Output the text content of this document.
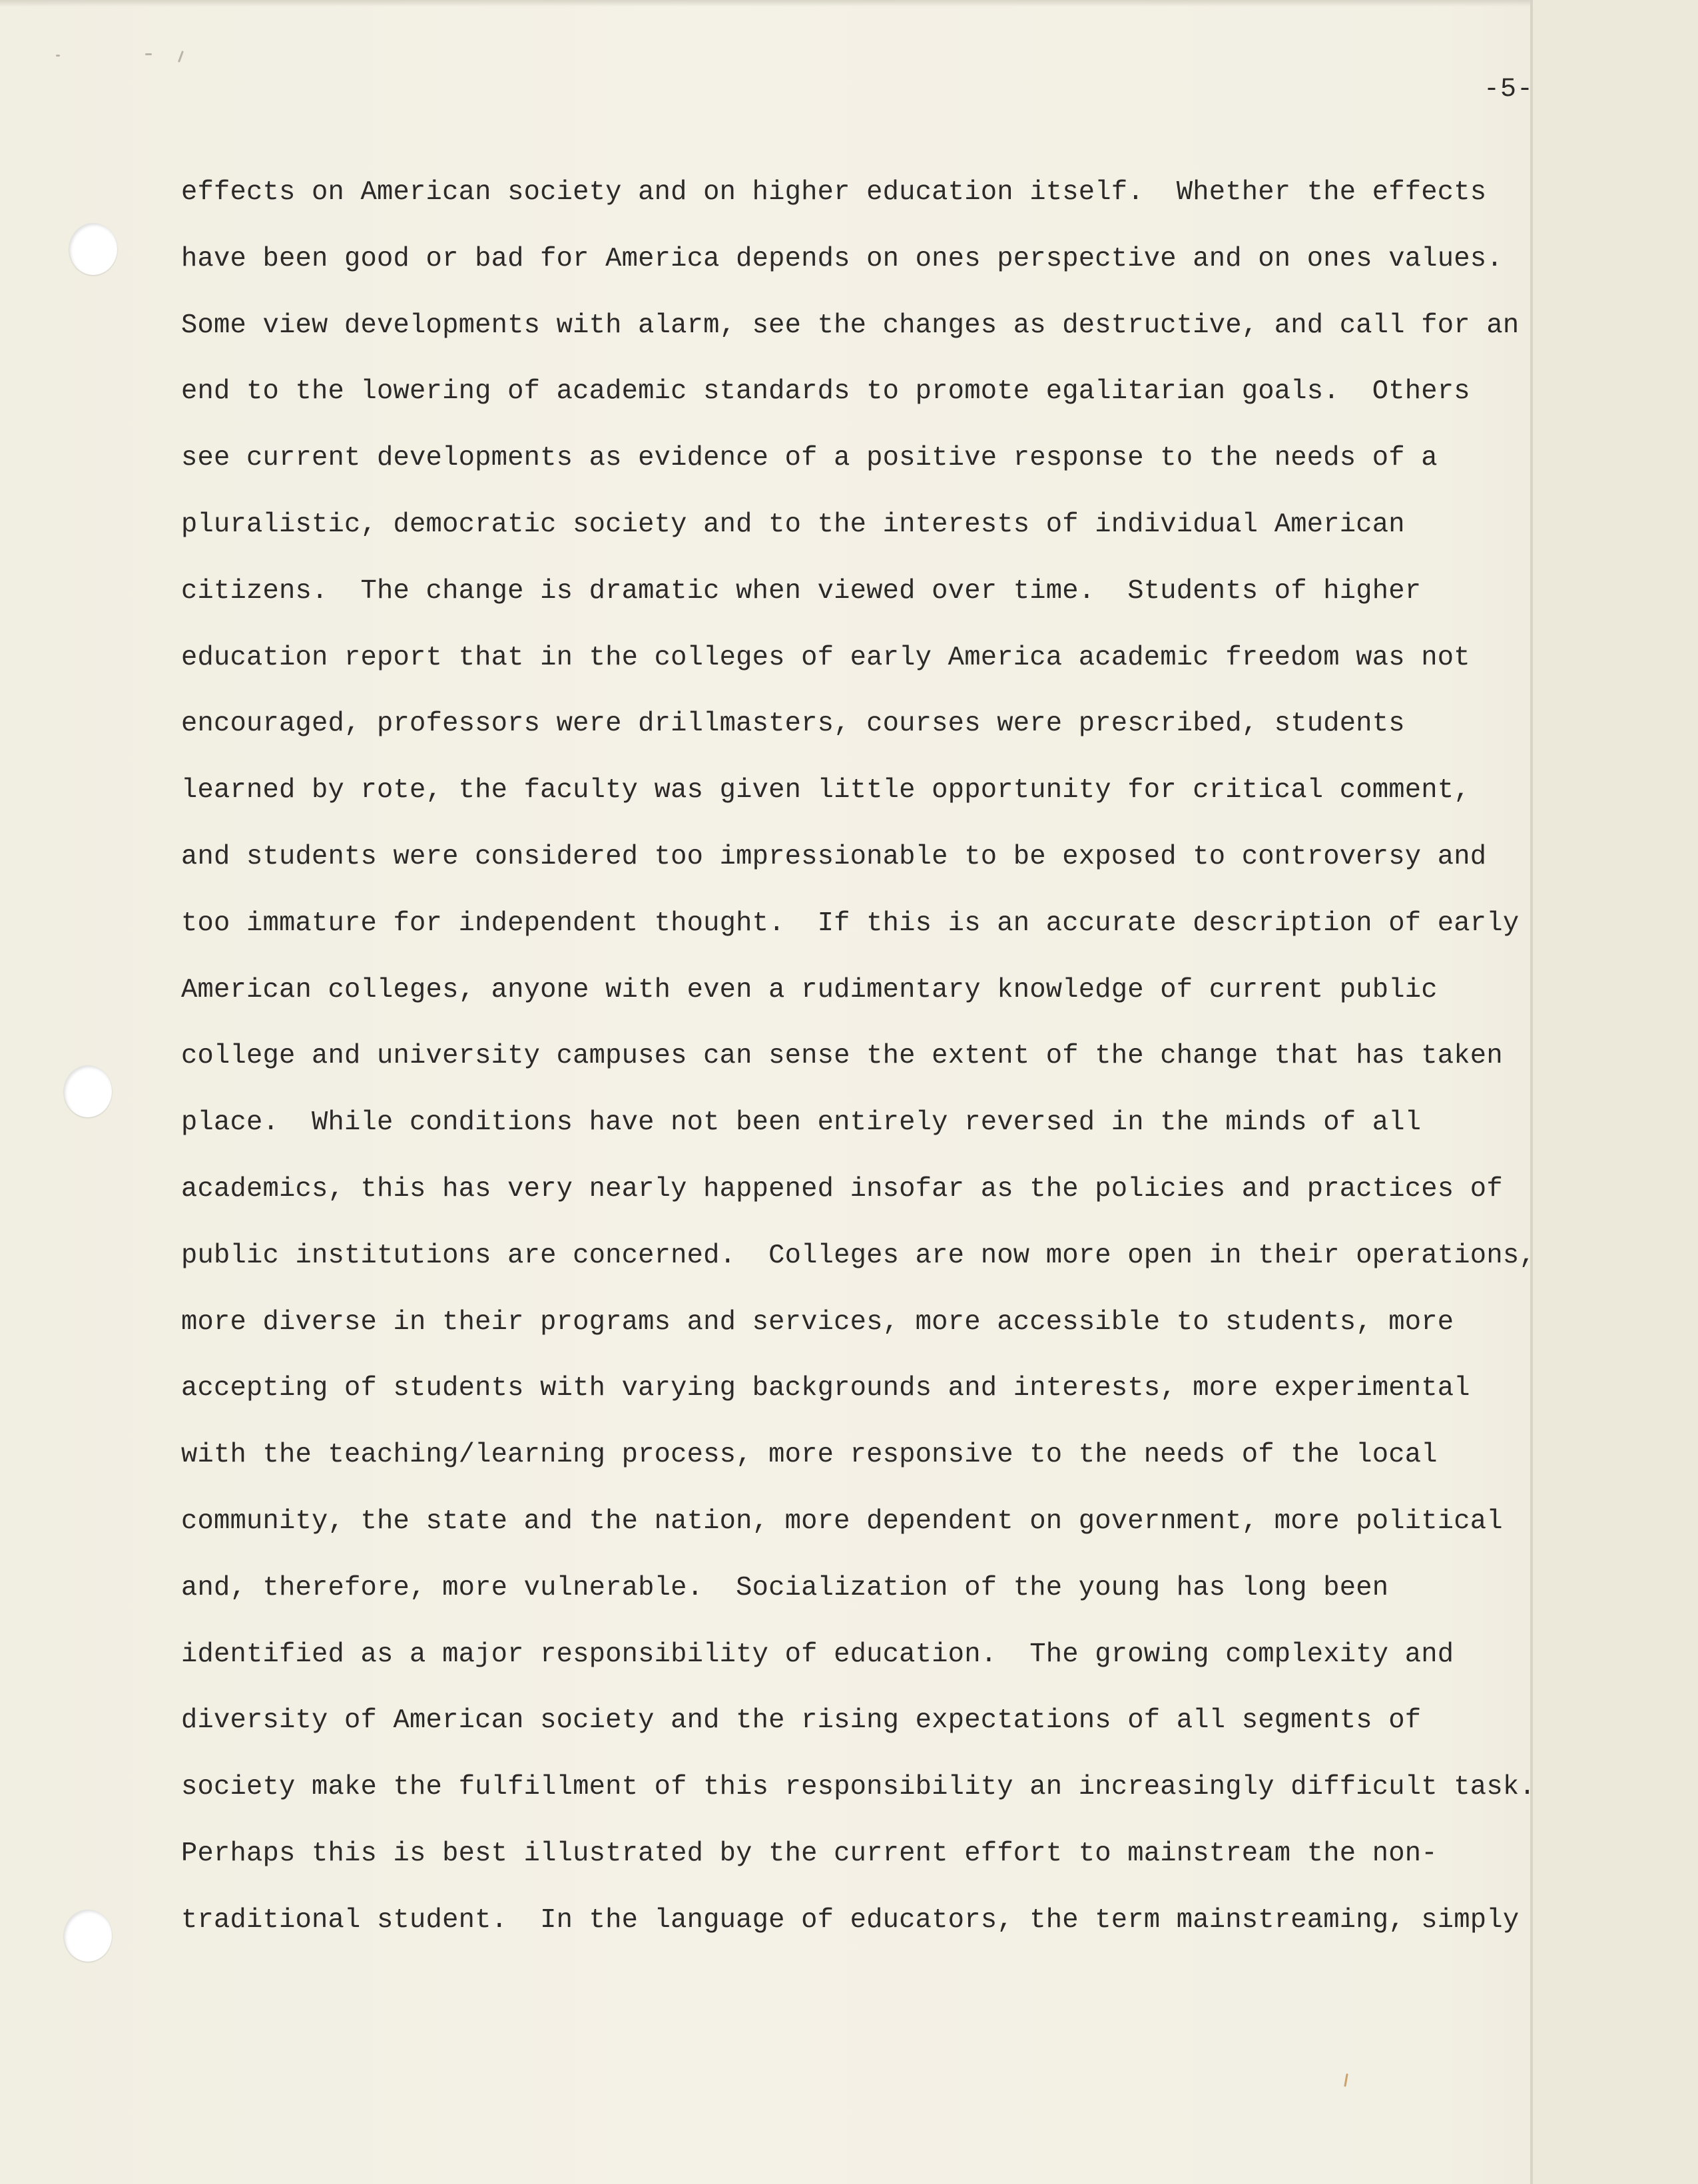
-5-
effects on American society and on higher education itself.  Whether the effects
have been good or bad for America depends on ones perspective and on ones values.
Some view developments with alarm, see the changes as destructive, and call for an
end to the lowering of academic standards to promote egalitarian goals.  Others
see current developments as evidence of a positive response to the needs of a
pluralistic, democratic society and to the interests of individual American
citizens.  The change is dramatic when viewed over time.  Students of higher
education report that in the colleges of early America academic freedom was not
encouraged, professors were drillmasters, courses were prescribed, students
learned by rote, the faculty was given little opportunity for critical comment,
and students were considered too impressionable to be exposed to controversy and
too immature for independent thought.  If this is an accurate description of early
American colleges, anyone with even a rudimentary knowledge of current public
college and university campuses can sense the extent of the change that has taken
place.  While conditions have not been entirely reversed in the minds of all
academics, this has very nearly happened insofar as the policies and practices of
public institutions are concerned.  Colleges are now more open in their operations,
more diverse in their programs and services, more accessible to students, more
accepting of students with varying backgrounds and interests, more experimental
with the teaching/learning process, more responsive to the needs of the local
community, the state and the nation, more dependent on government, more political
and, therefore, more vulnerable.  Socialization of the young has long been
identified as a major responsibility of education.  The growing complexity and
diversity of American society and the rising expectations of all segments of
society make the fulfillment of this responsibility an increasingly difficult task.
Perhaps this is best illustrated by the current effort to mainstream the non-
traditional student.  In the language of educators, the term mainstreaming, simply
